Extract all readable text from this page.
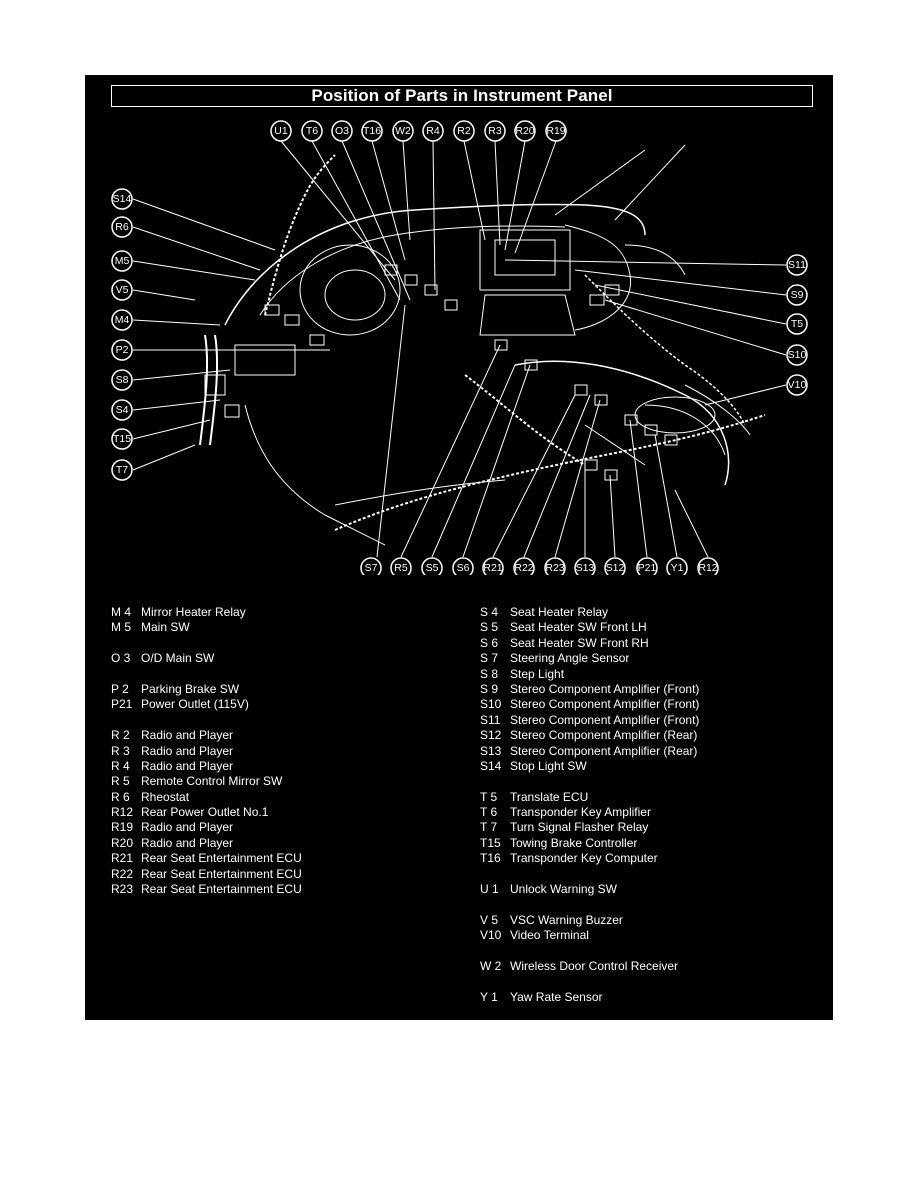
Position of Parts in Instrument Panel
U1 T6 O3 T16 W2 R4 R2 R3 R20 R19
S14
R6
M5
V5
M4
P2
S8
S4
T15
T7
S11
S9
T5
S10
V10
S7 R5 S5 S6 R21 R22 R23 S13 S12 P21 Y1 R12
M 4 Mirror Heater Relay
M 5 Main SW
O 3 O/D Main SW
P 2 Parking Brake SW
P21 Power Outlet (115V)
R 2 Radio and Player
R 3 Radio and Player
R 4 Radio and Player
R 5 Remote Control Mirror SW
R 6 Rheostat
R12 Rear Power Outlet No.1
R19 Radio and Player
R20 Radio and Player
R21 Rear Seat Entertainment ECU
R22 Rear Seat Entertainment ECU
R23 Rear Seat Entertainment ECU
S 4 Seat Heater Relay
S 5 Seat Heater SW Front LH
S 6 Seat Heater SW Front RH
S 7 Steering Angle Sensor
S 8 Step Light
S 9 Stereo Component Amplifier (Front)
S10 Stereo Component Amplifier (Front)
S11 Stereo Component Amplifier (Front)
S12 Stereo Component Amplifier (Rear)
S13 Stereo Component Amplifier (Rear)
S14 Stop Light SW
T 5 Translate ECU
T 6 Transponder Key Amplifier
T 7 Turn Signal Flasher Relay
T15 Towing Brake Controller
T16 Transponder Key Computer
U 1 Unlock Warning SW
V 5 VSC Warning Buzzer
V10 Video Terminal
W 2 Wireless Door Control Receiver
Y 1 Yaw Rate Sensor
